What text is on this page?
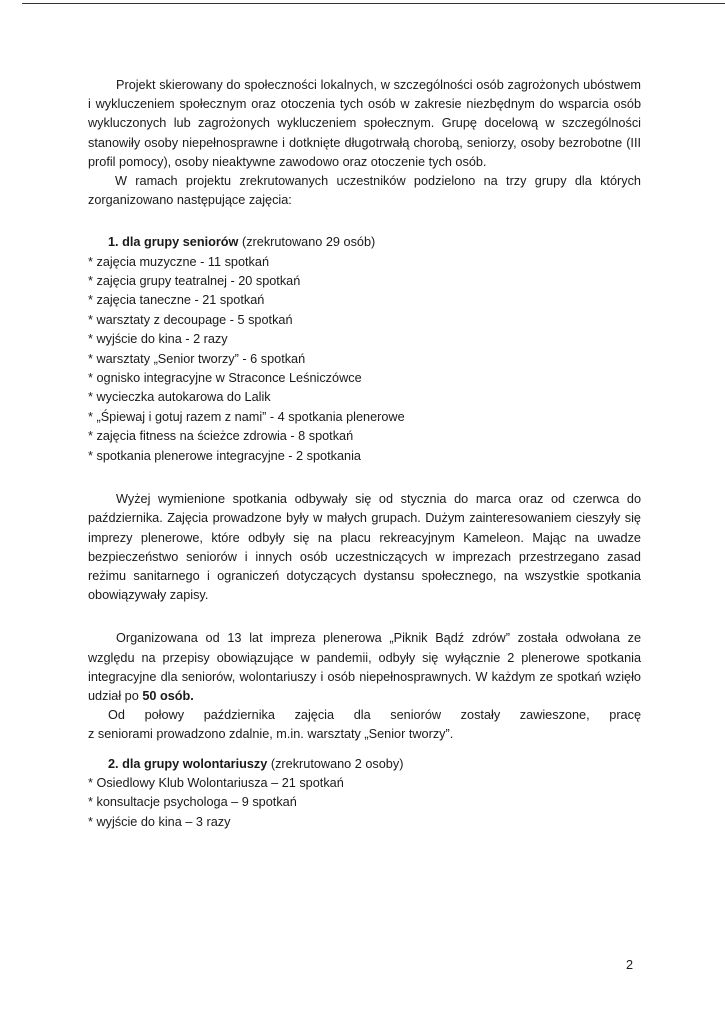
Projekt skierowany do społeczności lokalnych, w szczególności osób zagrożonych ubóstwem i wykluczeniem społecznym oraz otoczenia tych osób w zakresie niezbędnym do wsparcia osób wykluczonych lub zagrożonych wykluczeniem społecznym. Grupę docelową w szczególności stanowiły osoby niepełnosprawne i dotknięte długotrwałą chorobą, seniorzy, osoby bezrobotne (III profil pomocy), osoby nieaktywne zawodowo oraz otoczenie tych osób.

W ramach projektu zrekrutowanych uczestników podzielono na trzy grupy dla których zorganizowano następujące zajęcia:

1. dla grupy seniorów (zrekrutowano 29 osób)

* zajęcia muzyczne - 11 spotkań
* zajęcia grupy teatralnej - 20 spotkań
* zajęcia taneczne - 21 spotkań
* warsztaty z decoupage - 5 spotkań
* wyjście do kina - 2 razy
* warsztaty „Senior tworzy” - 6 spotkań
* ognisko integracyjne w Straconce Leśniczówce
* wycieczka autokarowa do Lalik
* „Śpiewaj i gotuj razem z nami” - 4 spotkania plenerowe
* zajęcia fitness na ścieżce zdrowia - 8 spotkań
* spotkania plenerowe integracyjne - 2 spotkania

Wyżej wymienione spotkania odbywały się od stycznia do marca oraz od czerwca do października. Zajęcia prowadzone były w małych grupach. Dużym zainteresowaniem cieszyły się imprezy plenerowe, które odbyły się na placu rekreacyjnym Kameleon. Mając na uwadze bezpieczeństwo seniorów i innych osób uczestniczących w imprezach przestrzegano zasad reżimu sanitarnego i ograniczeń dotyczących dystansu społecznego, na wszystkie spotkania obowiązywały zapisy.

Organizowana od 13 lat impreza plenerowa „Piknik Bądź zdrów” została odwołana ze względu na przepisy obowiązujące w pandemii, odbyły się wyłącznie 2 plenerowe spotkania integracyjne dla seniorów, wolontariuszy i osób niepełnosprawnych. W każdym ze spotkań wzięło udział po 50 osób.

Od połowy października zajęcia dla seniorów zostały zawieszone, pracę

z seniorami prowadzono zdalnie, m.in. warsztaty „Senior tworzy”.

2. dla grupy wolontariuszy (zrekrutowano 2 osoby)

* Osiedlowy Klub Wolontariusza – 21 spotkań
* konsultacje psychologa – 9 spotkań
* wyjście do kina – 3 razy
2
